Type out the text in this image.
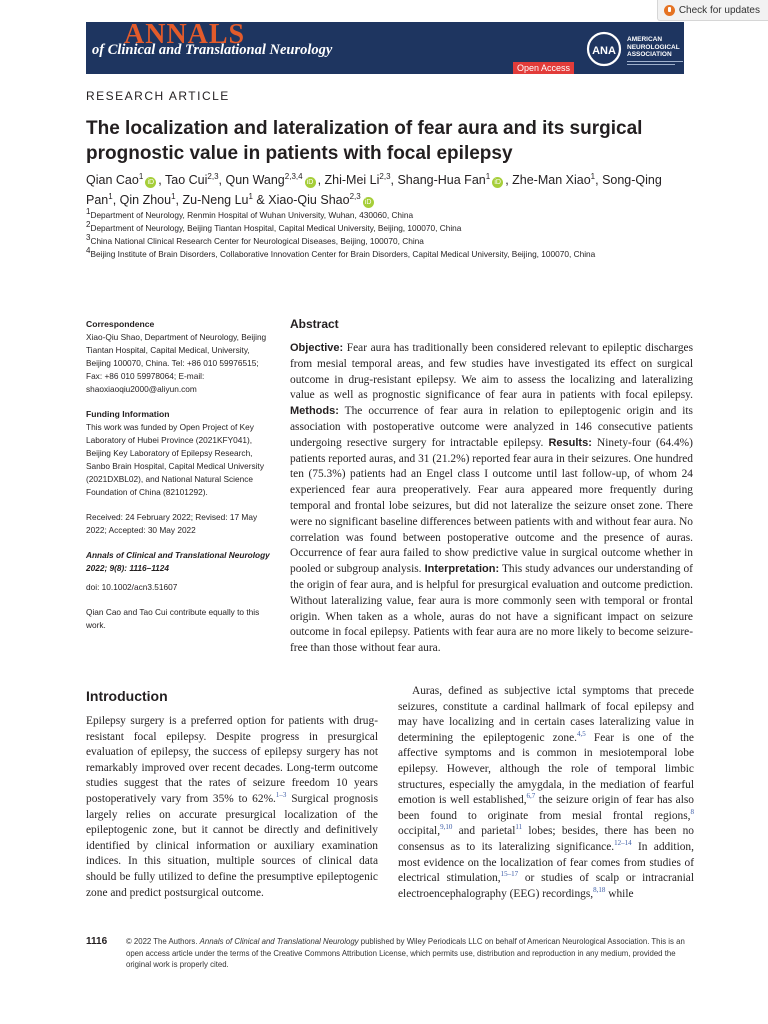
Check for updates
ANNALS
of Clinical and Translational Neurology
Open Access
ANA
AMERICAN
NEUROLOGICAL
ASSOCIATION
RESEARCH ARTICLE
The localization and lateralization of fear aura and its surgical prognostic value in patients with focal epilepsy
Qian Cao$^1$iD , Tao Cui$^{2,3}$, Qun Wang$^{2,3,4}$iD , Zhi-Mei Li$^{2,3}$, Shang-Hua Fan$^1$iD , Zhe-Man Xiao$^1$, Song-Qing Pan$^1$, Qin Zhou$^1$, Zu-Neng Lu$^1$ & Xiao-Qiu Shao$^{2,3}$iD
$^1$Department of Neurology, Renmin Hospital of Wuhan University, Wuhan, 430060, China
$^2$Department of Neurology, Beijing Tiantan Hospital, Capital Medical University, Beijing, 100070, China
$^3$China National Clinical Research Center for Neurological Diseases, Beijing, 100070, China
$^4$Beijing Institute of Brain Disorders, Collaborative Innovation Center for Brain Disorders, Capital Medical University, Beijing, 100070, China
Correspondence

Xiao-Qiu Shao, Department of Neurology, Beijing Tiantan Hospital, Capital Medical, University, Beijing 100070, China. Tel: +86 010 59976515; Fax: +86 010 59978064; E-mail: shaoxiaoqiu2000@aliyun.com

Funding Information

This work was funded by Open Project of Key Laboratory of Hubei Province (2021KFY041), Beijing Key Laboratory of Epilepsy Research, Sanbo Brain Hospital, Capital Medical University (2021DXBL02), and National Natural Science Foundation of China (82101292).

Received: 24 February 2022; Revised: 17 May 2022; Accepted: 30 May 2022

Annals of Clinical and Translational Neurology 2022; 9(8): 1116–1124

doi: 10.1002/acn3.51607

Qian Cao and Tao Cui contribute equally to this work.

Abstract

Objective: Fear aura has traditionally been considered relevant to epileptic discharges from mesial temporal areas, and few studies have investigated its effect on surgical outcome in drug-resistant epilepsy. We aim to assess the localizing and lateralizing value as well as prognostic significance of fear aura in patients with focal epilepsy. Methods: The occurrence of fear aura in relation to epileptogenic origin and its association with postoperative outcome were analyzed in 146 consecutive patients undergoing resective surgery for intractable epilepsy. Results: Ninety-four (64.4%) patients reported auras, and 31 (21.2%) reported fear aura in their seizures. One hundred ten (75.3%) patients had an Engel class I outcome until last follow-up, of whom 24 experienced fear aura preoperatively. Fear aura appeared more frequently during temporal and frontal lobe seizures, but did not lateralize the seizure onset zone. There were no significant baseline differences between patients with and without fear aura. No correlation was found between postoperative outcome and the presence of auras. Occurrence of fear aura failed to show predictive value in surgical outcome whether in pooled or subgroup analysis. Interpretation: This study advances our understanding of the origin of fear aura, and is helpful for presurgical evaluation and outcome prediction. Without lateralizing value, fear aura is more commonly seen with temporal or frontal origin. When taken as a whole, auras do not have a significant impact on seizure outcome in focal epilepsy. Patients with fear aura are no more likely to become seizure-free than those without fear aura.

Introduction

Epilepsy surgery is a preferred option for patients with drug-resistant focal epilepsy. Despite progress in presurgical evaluation of epilepsy, the success of epilepsy surgery has not remarkably improved over recent decades. Long-term outcome studies suggest that the rates of seizure freedom 10 years postoperatively vary from 35% to 62%.$^{1-3}$ Surgical prognosis largely relies on accurate presurgical localization of the epileptogenic zone, but it cannot be directly and definitively identified by clinical information or auxiliary examination indices. In this situation, multiple sources of clinical data should be fully utilized to define the presumptive epileptogenic zone and predict postsurgical outcome.

Auras, defined as subjective ictal symptoms that precede seizures, constitute a cardinal hallmark of focal epilepsy and may have localizing and in certain cases lateralizing value in determining the epileptogenic zone.$^{4,5}$ Fear is one of the affective symptoms and is common in mesiotemporal lobe epilepsy. However, although the role of temporal limbic structures, especially the amygdala, in the mediation of fearful emotion is well established,$^{6,7}$ the seizure origin of fear has also been found to originate from mesial frontal regions,$^8$ occipital,$^{9,10}$ and parietal$^{11}$ lobes; besides, there has been no consensus as to its lateralizing significance.$^{12-14}$ In addition, most evidence on the localization of fear comes from studies of electrical stimulation,$^{15-17}$ or studies of scalp or intracranial electroencephalography (EEG) recordings,$^{8,18}$ while

1116 © 2022 The Authors. Annals of Clinical and Translational Neurology published by Wiley Periodicals LLC on behalf of American Neurological Association. This is an open access article under the terms of the Creative Commons Attribution License, which permits use, distribution and reproduction in any medium, provided the original work is properly cited.
